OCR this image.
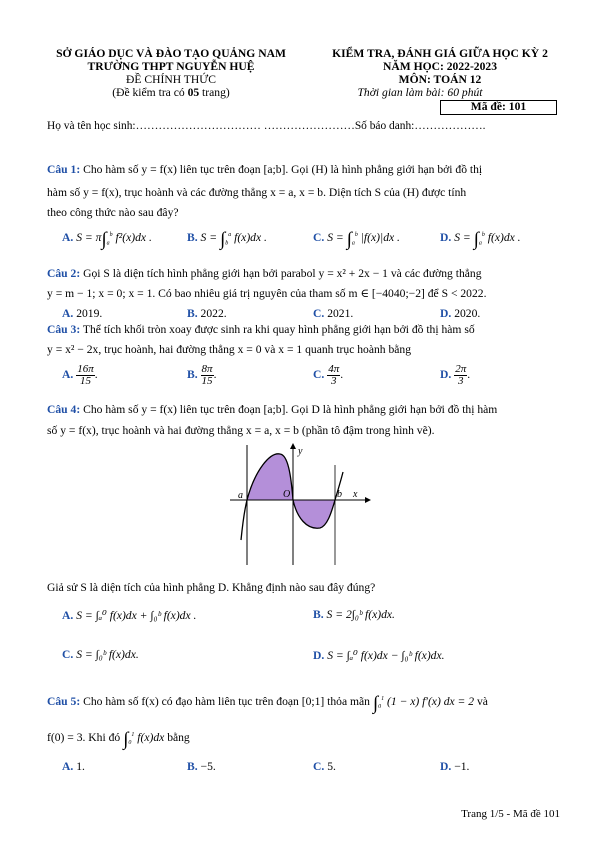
SỞ GIÁO DỤC VÀ ĐÀO TẠO QUẢNG NAM
TRƯỜNG THPT NGUYỄN HUỆ
ĐỀ CHÍNH THỨC
(Đề kiểm tra có 05 trang)
KIỂM TRA, ĐÁNH GIÁ GIỮA HỌC KỲ 2
NĂM HỌC: 2022-2023
MÔN: TOÁN 12
Thời gian làm bài: 60 phút
Mã đề: 101
Họ và tên học sinh:…………………………… ……………………Số báo danh:……………….
Câu 1: Cho hàm số y = f(x) liên tục trên đoạn [a;b]. Gọi (H) là hình phẳng giới hạn bởi đồ thị
hàm số y = f(x), trục hoành và các đường thẳng x = a, x = b. Diện tích S của (H) được tính
theo công thức nào sau đây?
A. $S = \pi\int_a^b$ f²(x)dx .	B. $S = \int_b^a$ f(x)dx .	C. $S = \int_a^b$ |f(x)|dx .	D. $S = \int_a^b$ f(x)dx .
Câu 2: Gọi S là diện tích hình phẳng giới hạn bởi parabol y = x² + 2x − 1 và các đường thẳng
y = m − 1; x = 0; x = 1. Có bao nhiêu giá trị nguyên của tham số m ∈ [−4040;−2] để S < 2022.
A. 2019.	B. 2022.	C. 2021.	D. 2020.
Câu 3: Thể tích khối tròn xoay được sinh ra khi quay hình phẳng giới hạn bởi đồ thị hàm số
y = x² − 2x, trục hoành, hai đường thẳng x = 0 và x = 1 quanh trục hoành bằng
A. $\frac{16\pi}{15}$ .	B. $\frac{8\pi}{15}$ .	C. $\frac{4\pi}{3}$ .	D. $\frac{2\pi}{3}$ .
Câu 4: Cho hàm số y = f(x) liên tục trên đoạn [a;b]. Gọi D là hình phẳng giới hạn bởi đồ thị hàm
số y = f(x), trục hoành và hai đường thẳng x = a, x = b (phần tô đậm trong hình vẽ).
y
x
a	O	b
Giả sử S là diện tích của hình phẳng D. Khẳng định nào sau đây đúng?
A. S = ∫ₐ⁰ f(x)dx + ∫₀ᵇ f(x)dx .	B. S = 2∫₀ᵇ f(x)dx.
C. S = ∫₀ᵇ f(x)dx.	D. S = ∫ₐ⁰ f(x)dx − ∫₀ᵇ f(x)dx.
Câu 5: Cho hàm số f(x) có đạo hàm liên tục trên đoạn [0;1] thỏa mãn $\int_0^1$ (1 − x) f′(x) dx = 2 và
f(0) = 3. Khi đó $\int_0^1$ f(x)dx bằng
A. 1.	B. −5.	C. 5.	D. −1.
Trang 1/5 - Mã đề 101
